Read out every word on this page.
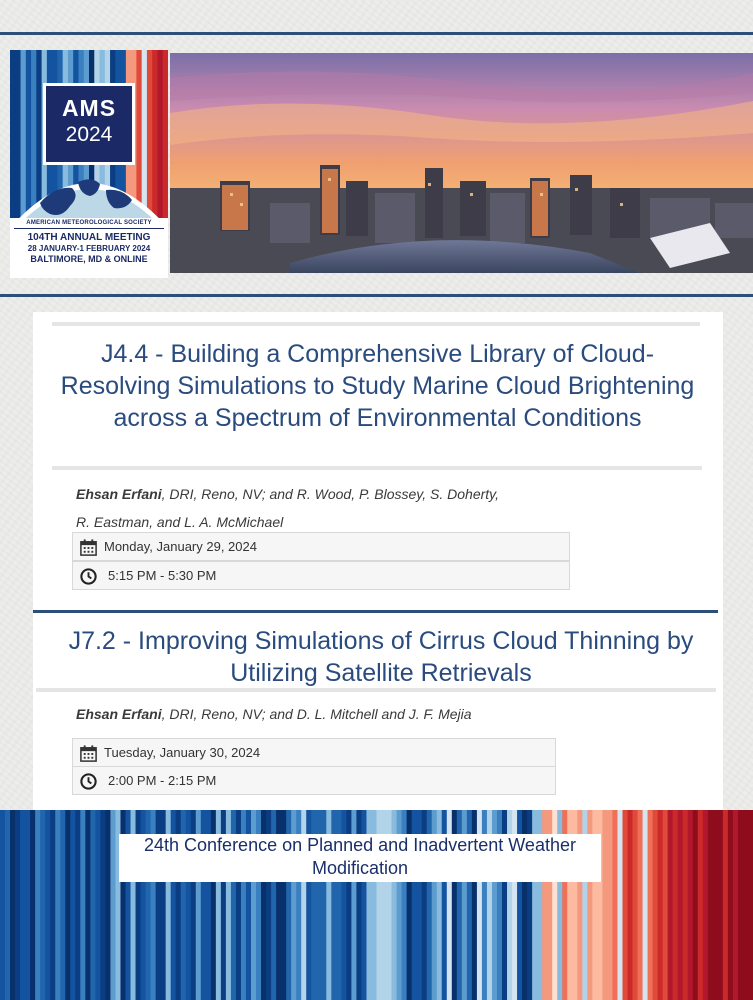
AMS
2024
AMERICAN METEOROLOGICAL SOCIETY
104TH ANNUAL MEETING
28 JANUARY-1 FEBRUARY 2024
BALTIMORE, MD & ONLINE
J4.4 - Building a Comprehensive Library of Cloud-Resolving Simulations to Study Marine Cloud Brightening across a Spectrum of Environmental Conditions
Ehsan Erfani, DRI, Reno, NV; and R. Wood, P. Blossey, S. Doherty,
R. Eastman, and L. A. McMichael
Monday, January 29, 2024
5:15 PM - 5:30 PM
J7.2 - Improving Simulations of Cirrus Cloud Thinning by Utilizing Satellite Retrievals
Ehsan Erfani, DRI, Reno, NV; and D. L. Mitchell and J. F. Mejia
Tuesday, January 30, 2024
2:00 PM - 2:15 PM
24th Conference on Planned and Inadvertent Weather Modification
